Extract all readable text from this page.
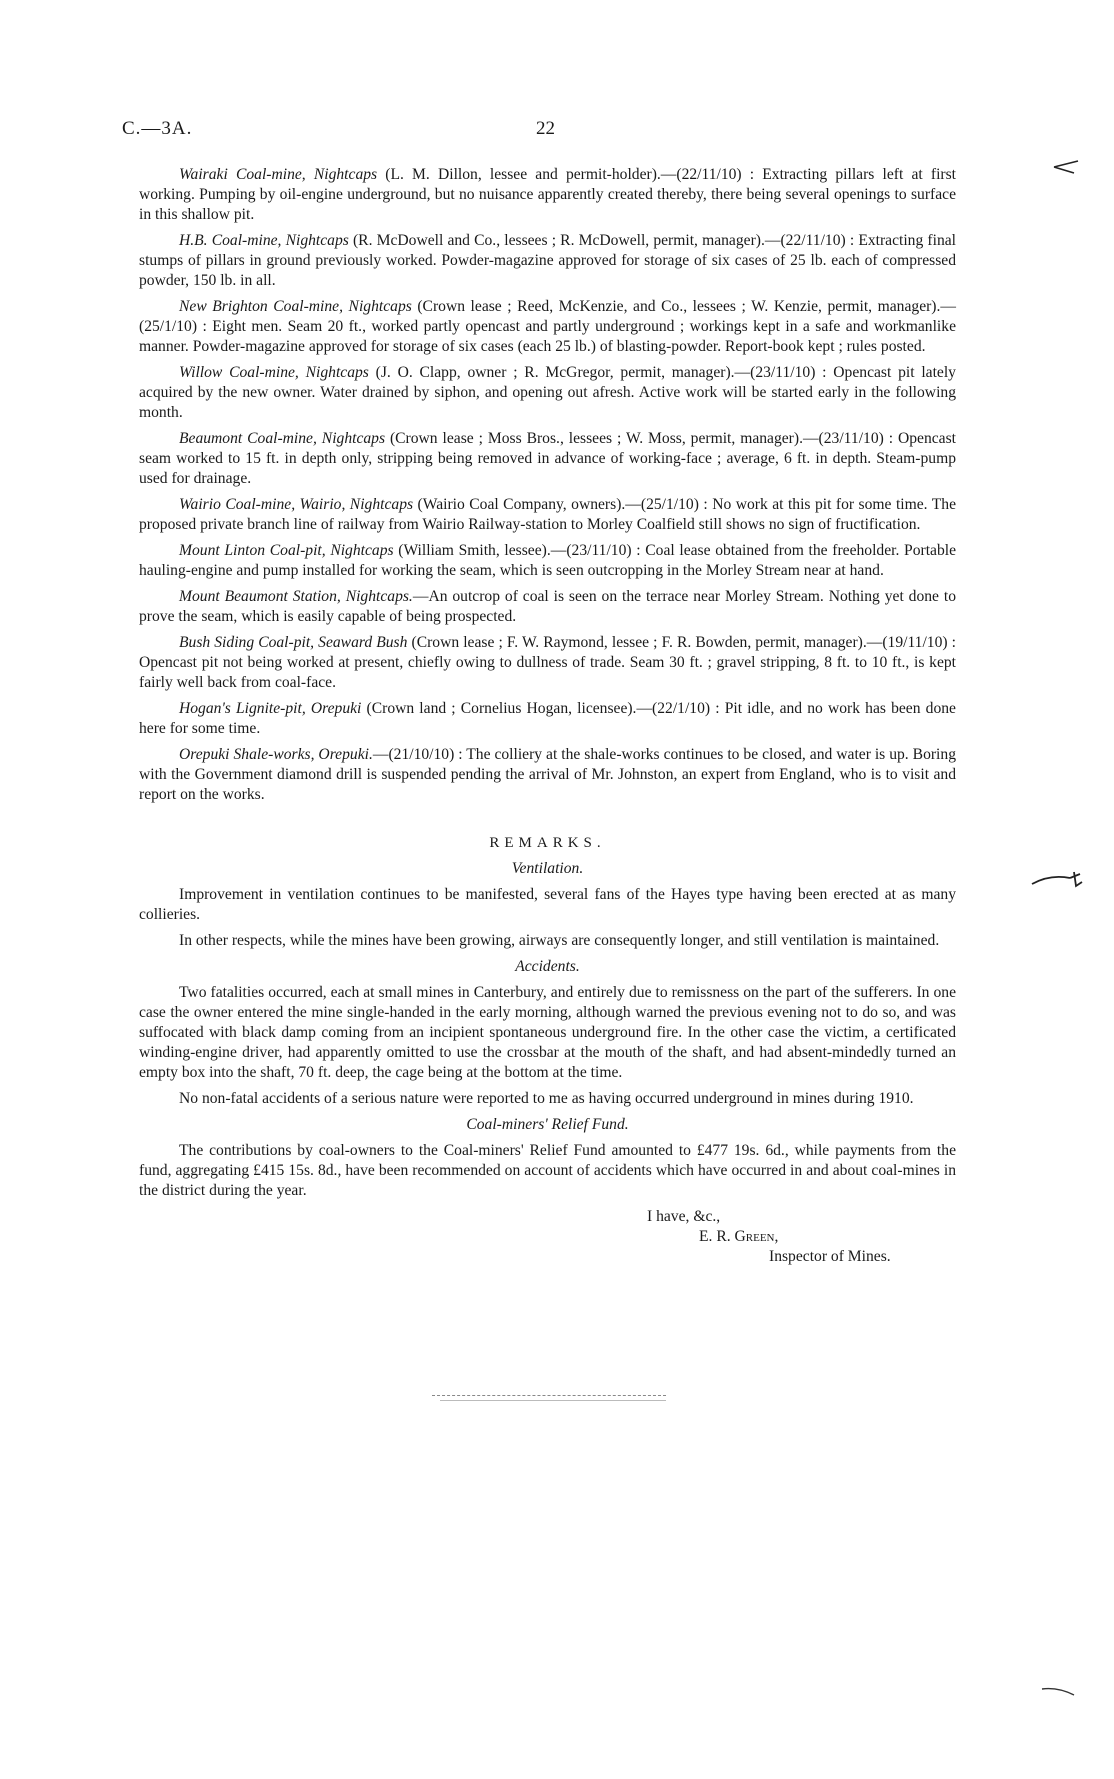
C.—3A.	22

Wairaki Coal-mine, Nightcaps (L. M. Dillon, lessee and permit-holder).—(22/11/10) : Extracting pillars left at first working. Pumping by oil-engine underground, but no nuisance apparently created thereby, there being several openings to surface in this shallow pit.

H.B. Coal-mine, Nightcaps (R. McDowell and Co., lessees ; R. McDowell, permit, manager).—(22/11/10) : Extracting final stumps of pillars in ground previously worked. Powder-magazine approved for storage of six cases of 25 lb. each of compressed powder, 150 lb. in all.

New Brighton Coal-mine, Nightcaps (Crown lease ; Reed, McKenzie, and Co., lessees ; W. Kenzie, permit, manager).—(25/1/10) : Eight men. Seam 20 ft., worked partly opencast and partly underground ; workings kept in a safe and workmanlike manner. Powder-magazine approved for storage of six cases (each 25 lb.) of blasting-powder. Report-book kept ; rules posted.

Willow Coal-mine, Nightcaps (J. O. Clapp, owner ; R. McGregor, permit, manager).—(23/11/10) : Opencast pit lately acquired by the new owner. Water drained by siphon, and opening out afresh. Active work will be started early in the following month.

Beaumont Coal-mine, Nightcaps (Crown lease ; Moss Bros., lessees ; W. Moss, permit, manager).—(23/11/10) : Opencast seam worked to 15 ft. in depth only, stripping being removed in advance of working-face ; average, 6 ft. in depth. Steam-pump used for drainage.

Wairio Coal-mine, Wairio, Nightcaps (Wairio Coal Company, owners).—(25/1/10) : No work at this pit for some time. The proposed private branch line of railway from Wairio Railway-station to Morley Coalfield still shows no sign of fructification.

Mount Linton Coal-pit, Nightcaps (William Smith, lessee).—(23/11/10) : Coal lease obtained from the freeholder. Portable hauling-engine and pump installed for working the seam, which is seen outcropping in the Morley Stream near at hand.

Mount Beaumont Station, Nightcaps.—An outcrop of coal is seen on the terrace near Morley Stream. Nothing yet done to prove the seam, which is easily capable of being prospected.

Bush Siding Coal-pit, Seaward Bush (Crown lease ; F. W. Raymond, lessee ; F. R. Bowden, permit, manager).—(19/11/10) : Opencast pit not being worked at present, chiefly owing to dullness of trade. Seam 30 ft. ; gravel stripping, 8 ft. to 10 ft., is kept fairly well back from coal-face.

Hogan's Lignite-pit, Orepuki (Crown land ; Cornelius Hogan, licensee).—(22/1/10) : Pit idle, and no work has been done here for some time.

Orepuki Shale-works, Orepuki.—(21/10/10) : The colliery at the shale-works continues to be closed, and water is up. Boring with the Government diamond drill is suspended pending the arrival of Mr. Johnston, an expert from England, who is to visit and report on the works.

REMARKS.
Ventilation.

Improvement in ventilation continues to be manifested, several fans of the Hayes type having been erected at as many collieries.

In other respects, while the mines have been growing, airways are consequently longer, and still ventilation is maintained.

Accidents.

Two fatalities occurred, each at small mines in Canterbury, and entirely due to remissness on the part of the sufferers. In one case the owner entered the mine single-handed in the early morning, although warned the previous evening not to do so, and was suffocated with black damp coming from an incipient spontaneous underground fire. In the other case the victim, a certificated winding-engine driver, had apparently omitted to use the crossbar at the mouth of the shaft, and had absent-mindedly turned an empty box into the shaft, 70 ft. deep, the cage being at the bottom at the time.

No non-fatal accidents of a serious nature were reported to me as having occurred underground in mines during 1910.

Coal-miners' Relief Fund.

The contributions by coal-owners to the Coal-miners' Relief Fund amounted to £477 19s. 6d., while payments from the fund, aggregating £415 15s. 8d., have been recommended on account of accidents which have occurred in and about coal-mines in the district during the year.

I have, &c.,
E. R. Green,
Inspector of Mines.
